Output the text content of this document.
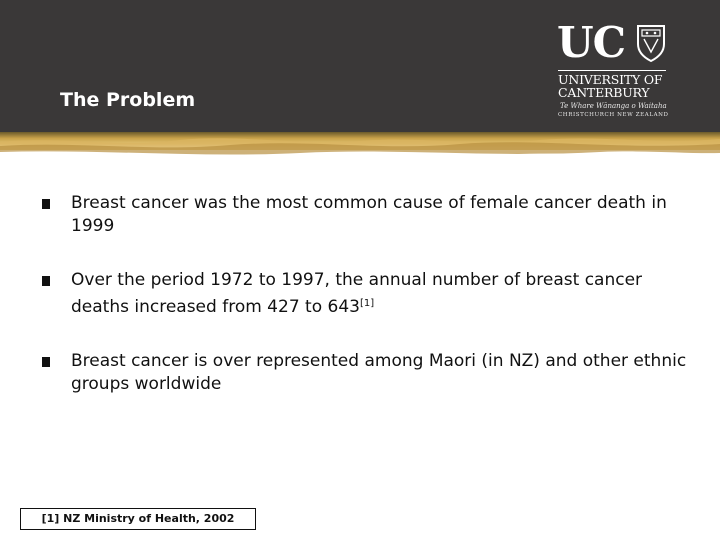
The Problem
UC
UNIVERSITY OF
CANTERBURY
Te Whare Wānanga o Waitaha
CHRISTCHURCH NEW ZEALAND
Breast cancer was the most common cause of female cancer death in 1999
Over the period 1972 to 1997, the annual number of breast cancer deaths increased from 427 to 643[1]
Breast cancer is over represented among Maori (in NZ) and other ethnic groups worldwide
[1] NZ Ministry of Health, 2002
